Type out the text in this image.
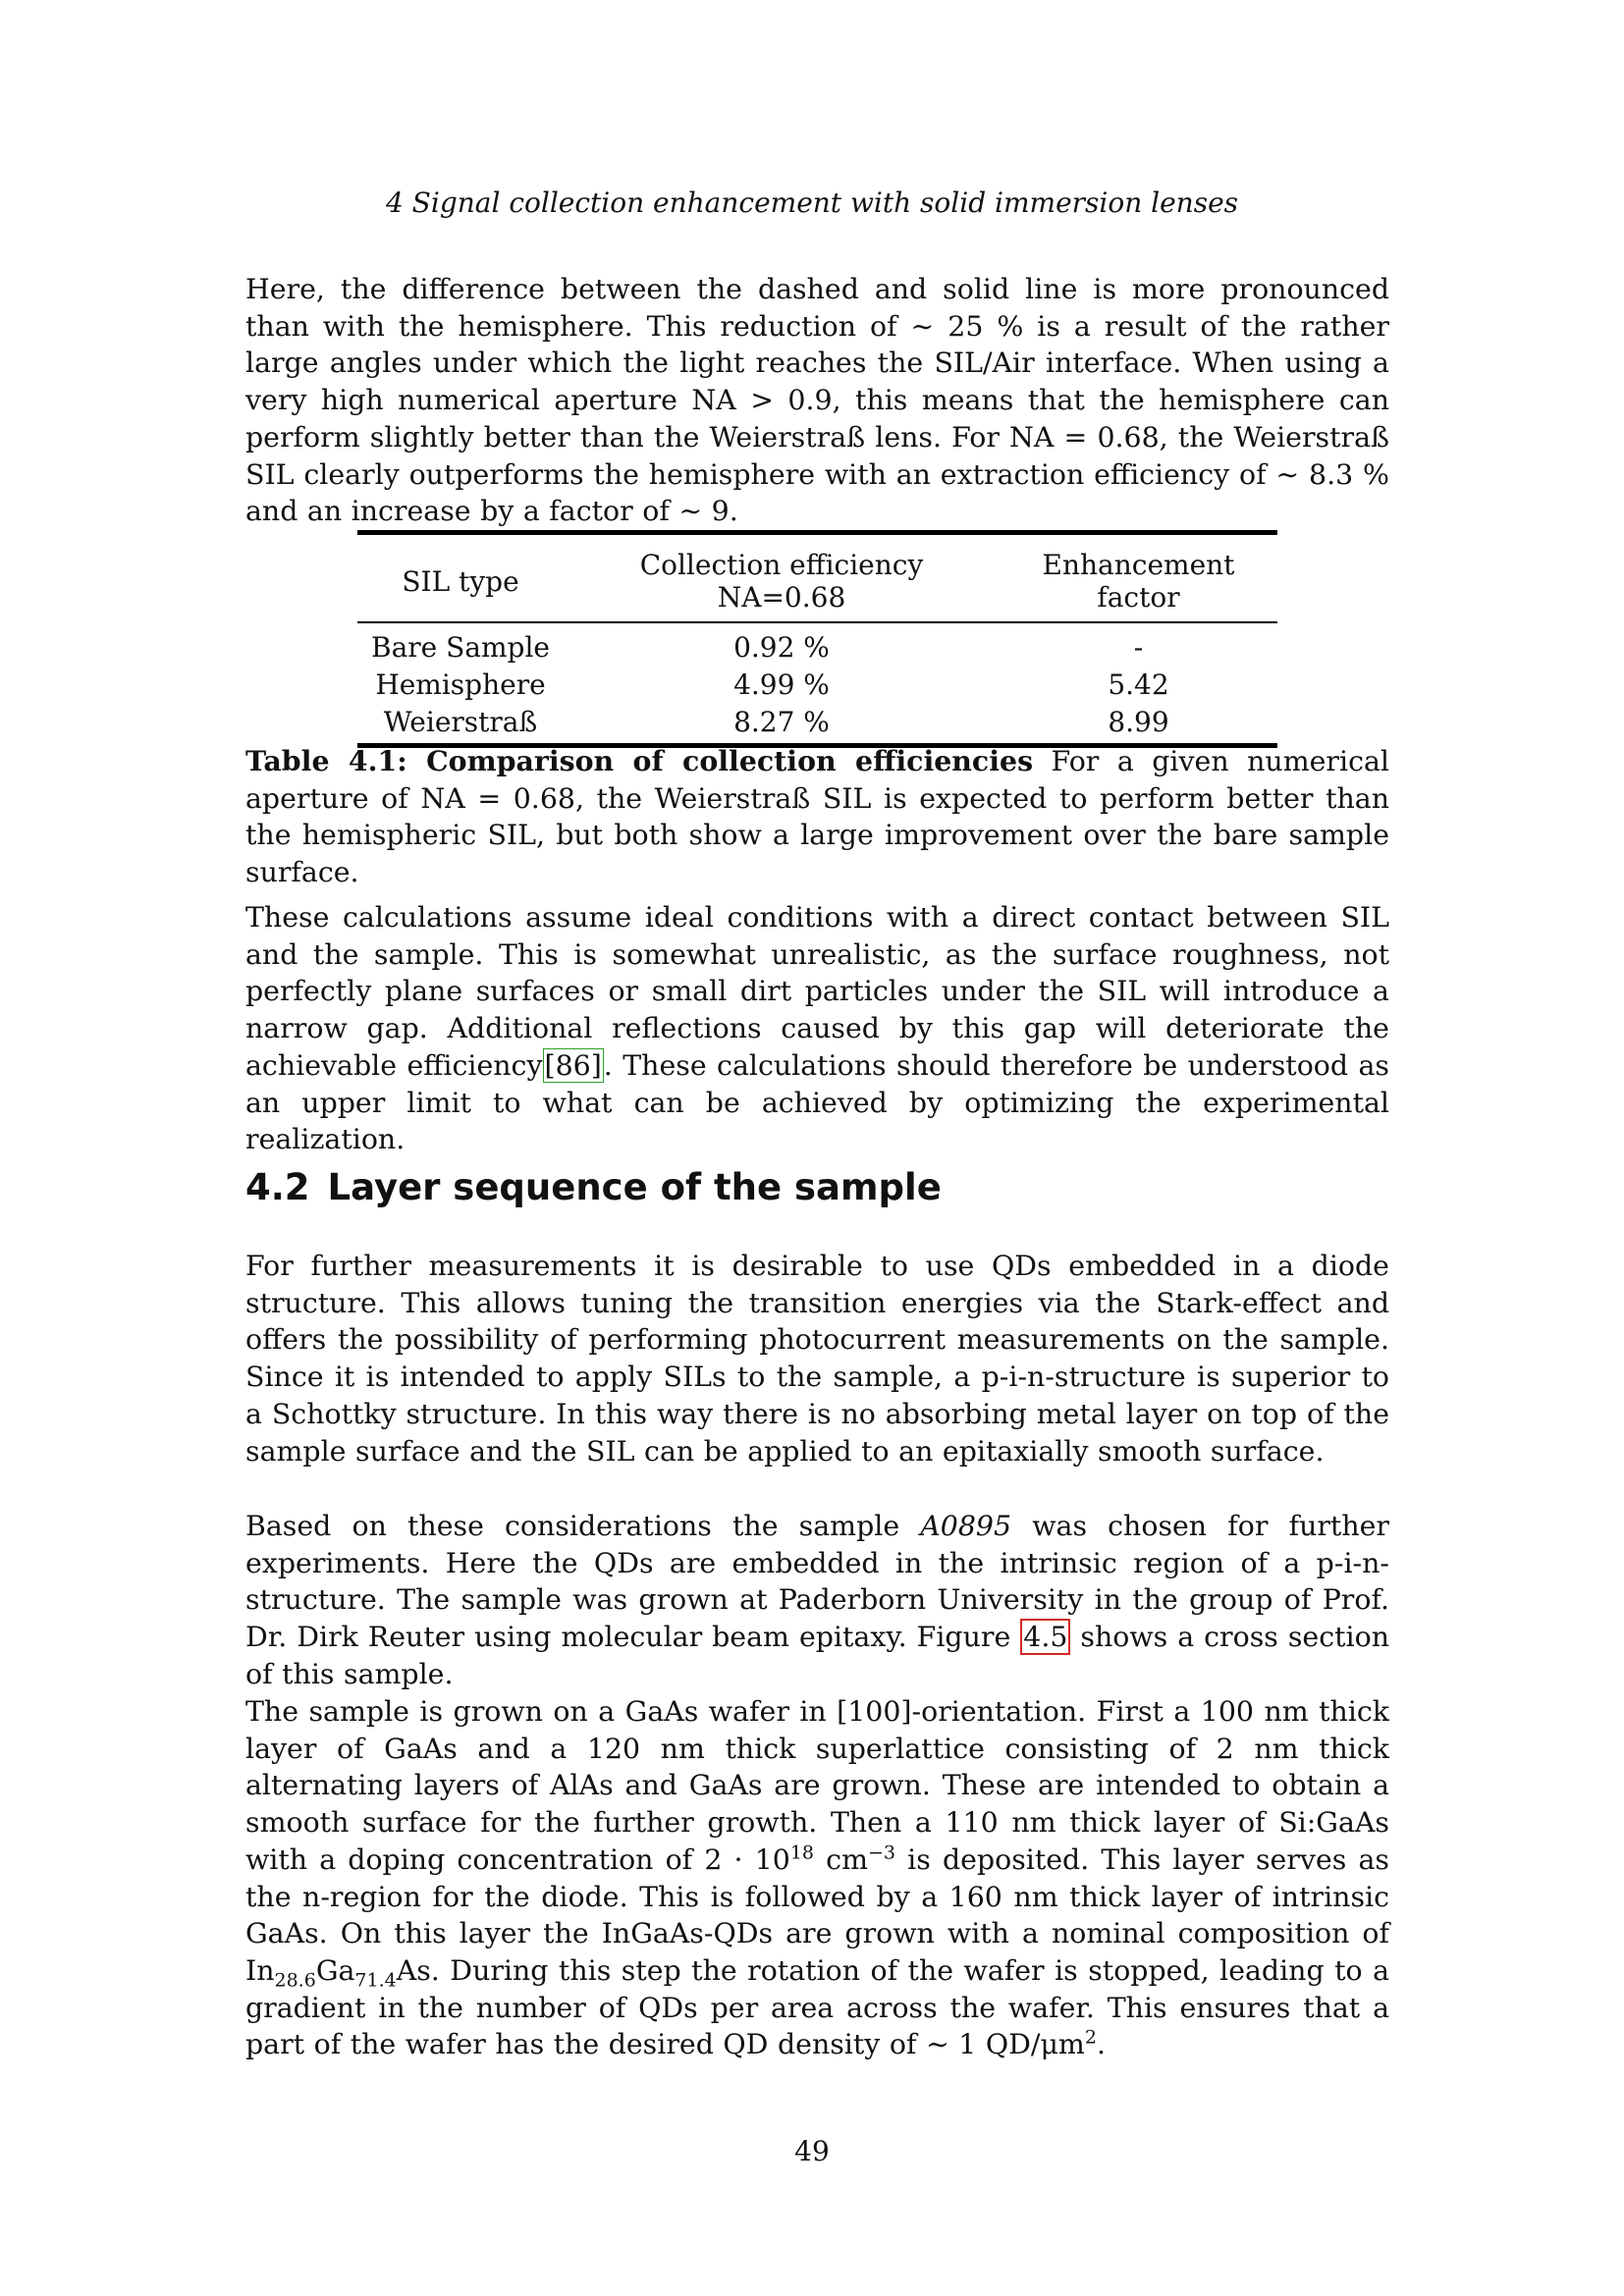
4 Signal collection enhancement with solid immersion lenses

Here, the difference between the dashed and solid line is more pronounced than with the hemisphere. This reduction of ∼ 25 % is a result of the rather large angles under which the light reaches the SIL/Air interface. When using a very high numerical aperture NA > 0.9, this means that the hemisphere can perform slightly better than the Weierstraß lens. For NA = 0.68, the Weierstraß SIL clearly outperforms the hemisphere with an extraction efficiency of ∼ 8.3 % and an increase by a factor of ∼ 9.

SIL type	Collection efficiency NA=0.68	Enhancement factor
Bare Sample	0.92 %	-
Hemisphere	4.99 %	5.42
Weierstraß	8.27 %	8.99

Table 4.1: Comparison of collection efficiencies For a given numerical aperture of NA = 0.68, the Weierstraß SIL is expected to perform better than the hemispheric SIL, but both show a large improvement over the bare sample surface.

These calculations assume ideal conditions with a direct contact between SIL and the sample. This is somewhat unrealistic, as the surface roughness, not perfectly plane surfaces or small dirt particles under the SIL will introduce a narrow gap. Additional reflections caused by this gap will deteriorate the achievable efficiency[86]. These calculations should therefore be understood as an upper limit to what can be achieved by optimizing the experimental realization.

4.2 Layer sequence of the sample

For further measurements it is desirable to use QDs embedded in a diode structure. This allows tuning the transition energies via the Stark-effect and offers the possibility of performing photocurrent measurements on the sample. Since it is intended to apply SILs to the sample, a p-i-n-structure is superior to a Schottky structure. In this way there is no absorbing metal layer on top of the sample surface and the SIL can be applied to an epitaxially smooth surface.

Based on these considerations the sample A0895 was chosen for further experiments. Here the QDs are embedded in the intrinsic region of a p-i-n-structure. The sample was grown at Paderborn University in the group of Prof. Dr. Dirk Reuter using molecular beam epitaxy. Figure 4.5 shows a cross section of this sample.

The sample is grown on a GaAs wafer in [100]-orientation. First a 100 nm thick layer of GaAs and a 120 nm thick superlattice consisting of 2 nm thick alternating layers of AlAs and GaAs are grown. These are intended to obtain a smooth surface for the further growth. Then a 110 nm thick layer of Si:GaAs with a doping concentration of $2 \cdot 10^{18}$ $cm^{-3}$ is deposited. This layer serves as the n-region for the diode. This is followed by a 160 nm thick layer of intrinsic GaAs. On this layer the InGaAs-QDs are grown with a nominal composition of $In_{28.6}Ga_{71.4}As$. During this step the rotation of the wafer is stopped, leading to a gradient in the number of QDs per area across the wafer. This ensures that a part of the wafer has the desired QD density of ∼ 1 $QD/\mu m^2$.

49
